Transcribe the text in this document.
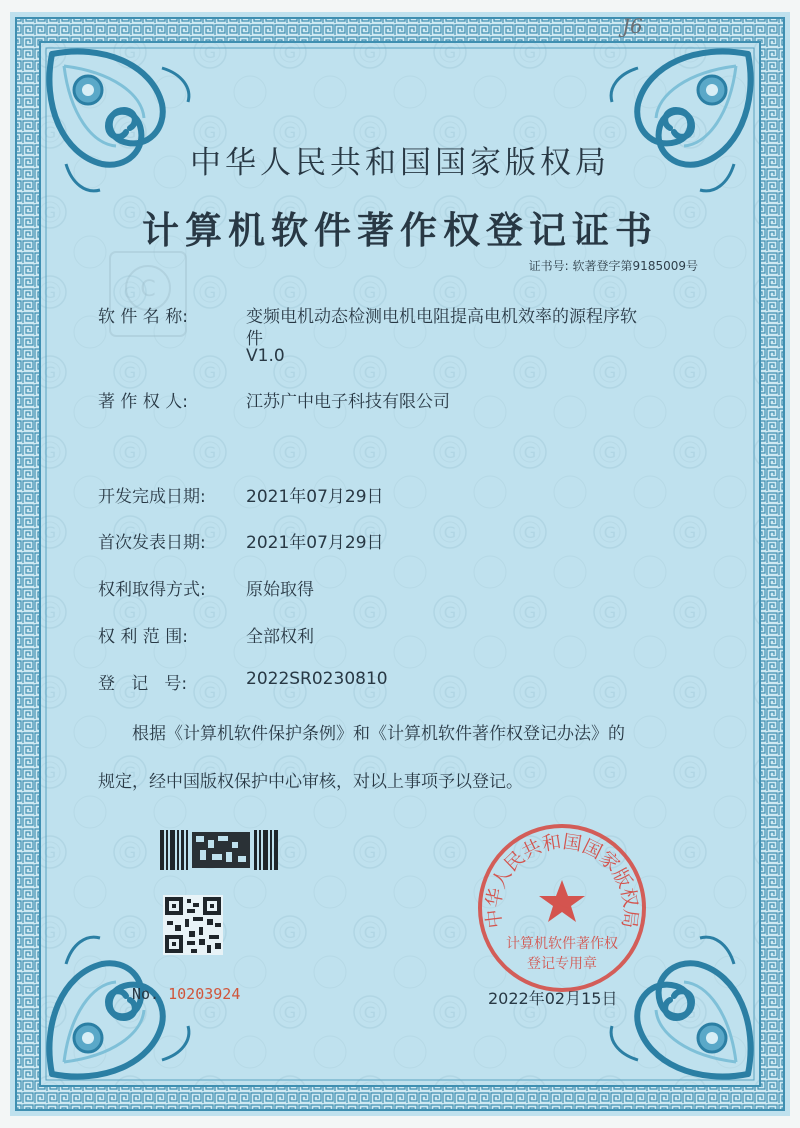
C
J6
中华人民共和国国家版权局
计算机软件著作权登记证书
证书号: 软著登字第9185009号
软 件 名 称:	变频电机动态检测电机电阻提高电机效率的源程序软
件
V1.0
著 作 权 人:	江苏广中电子科技有限公司
开发完成日期:	2021年07月29日
首次发表日期:	2021年07月29日
权利取得方式:	原始取得
权 利 范 围:	全部权利
登   记   号:	2022SR0230810
根据《计算机软件保护条例》和《计算机软件著作权登记办法》的
规定，经中国版权保护中心审核，对以上事项予以登记。
No. 10203924
中华人民共和国国家版权局
计算机软件著作权
登记专用章
2022年02月15日
